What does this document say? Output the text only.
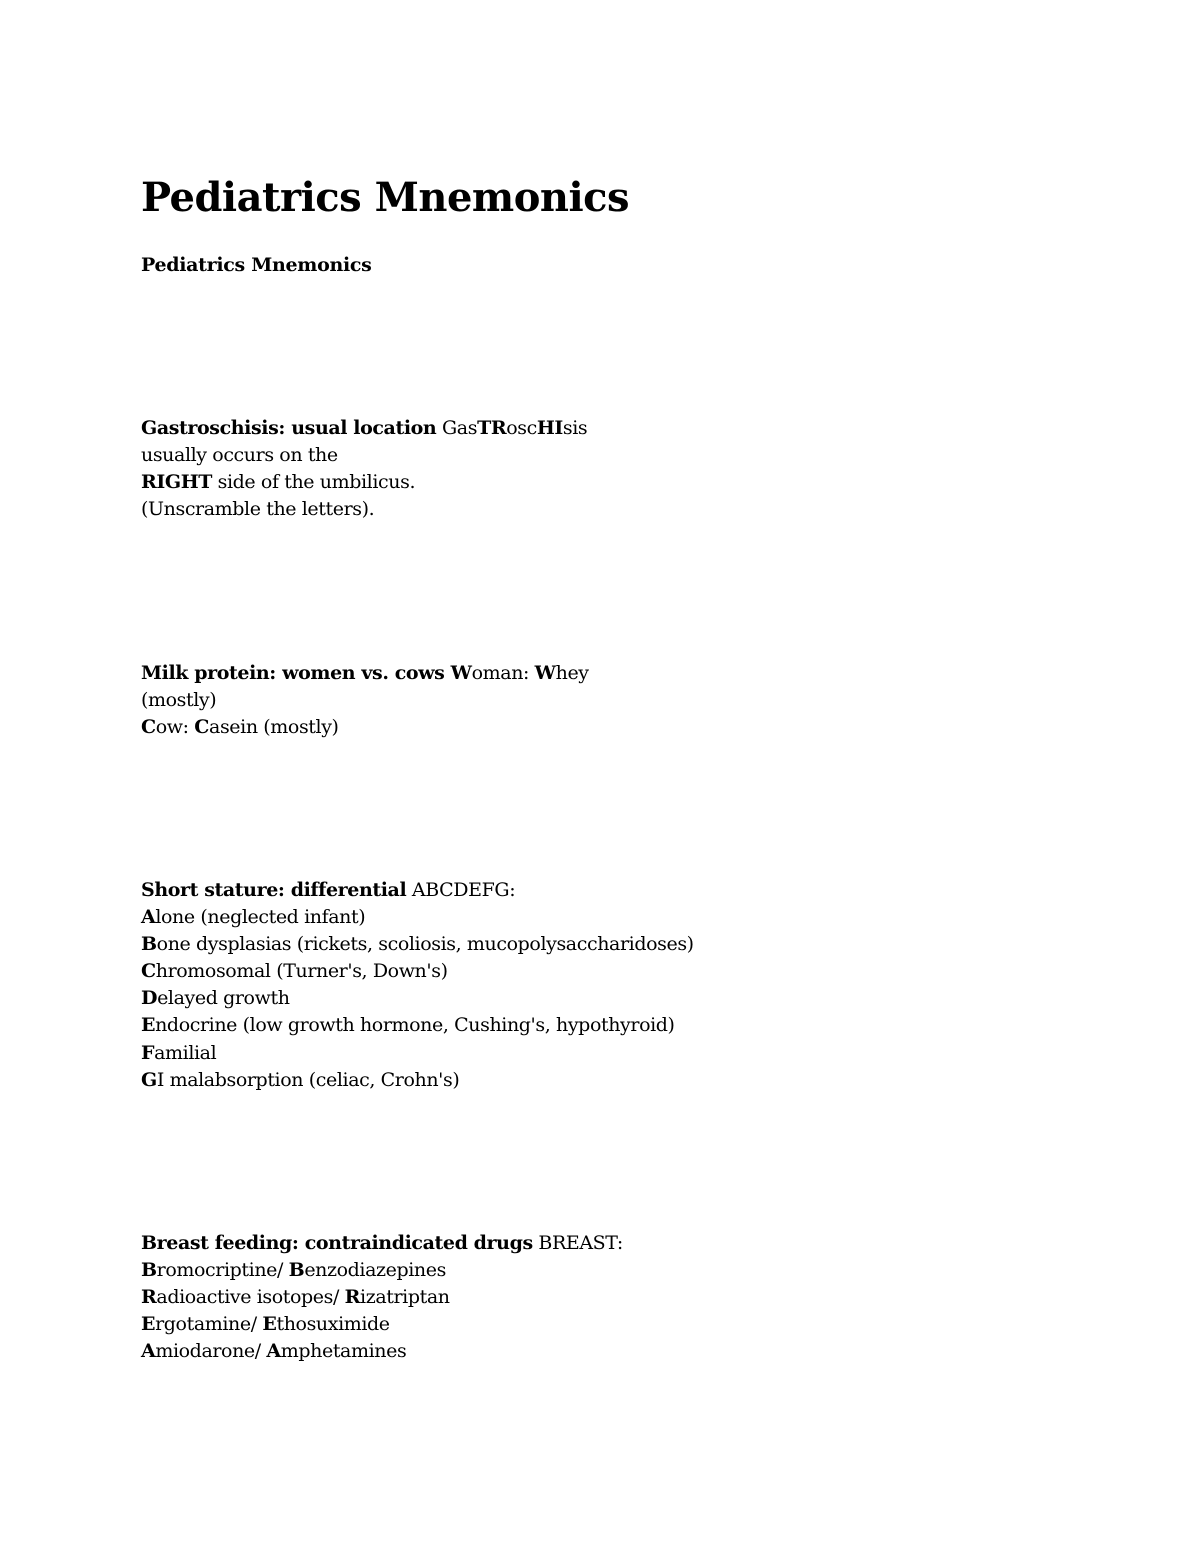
Pediatrics Mnemonics
Pediatrics Mnemonics

Gastroschisis: usual location GasTRoscHIsis

usually occurs on the

RIGHT side of the umbilicus.

(Unscramble the letters).

Milk protein: women vs. cows Woman: Whey

(mostly)

Cow: Casein (mostly)

Short stature: differential ABCDEFG:

Alone (neglected infant)

Bone dysplasias (rickets, scoliosis, mucopolysaccharidoses)

Chromosomal (Turner's, Down's)

Delayed growth

Endocrine (low growth hormone, Cushing's, hypothyroid)

Familial

GI malabsorption (celiac, Crohn's)

Breast feeding: contraindicated drugs BREAST:

Bromocriptine/ Benzodiazepines

Radioactive isotopes/ Rizatriptan

Ergotamine/ Ethosuximide

Amiodarone/ Amphetamines
